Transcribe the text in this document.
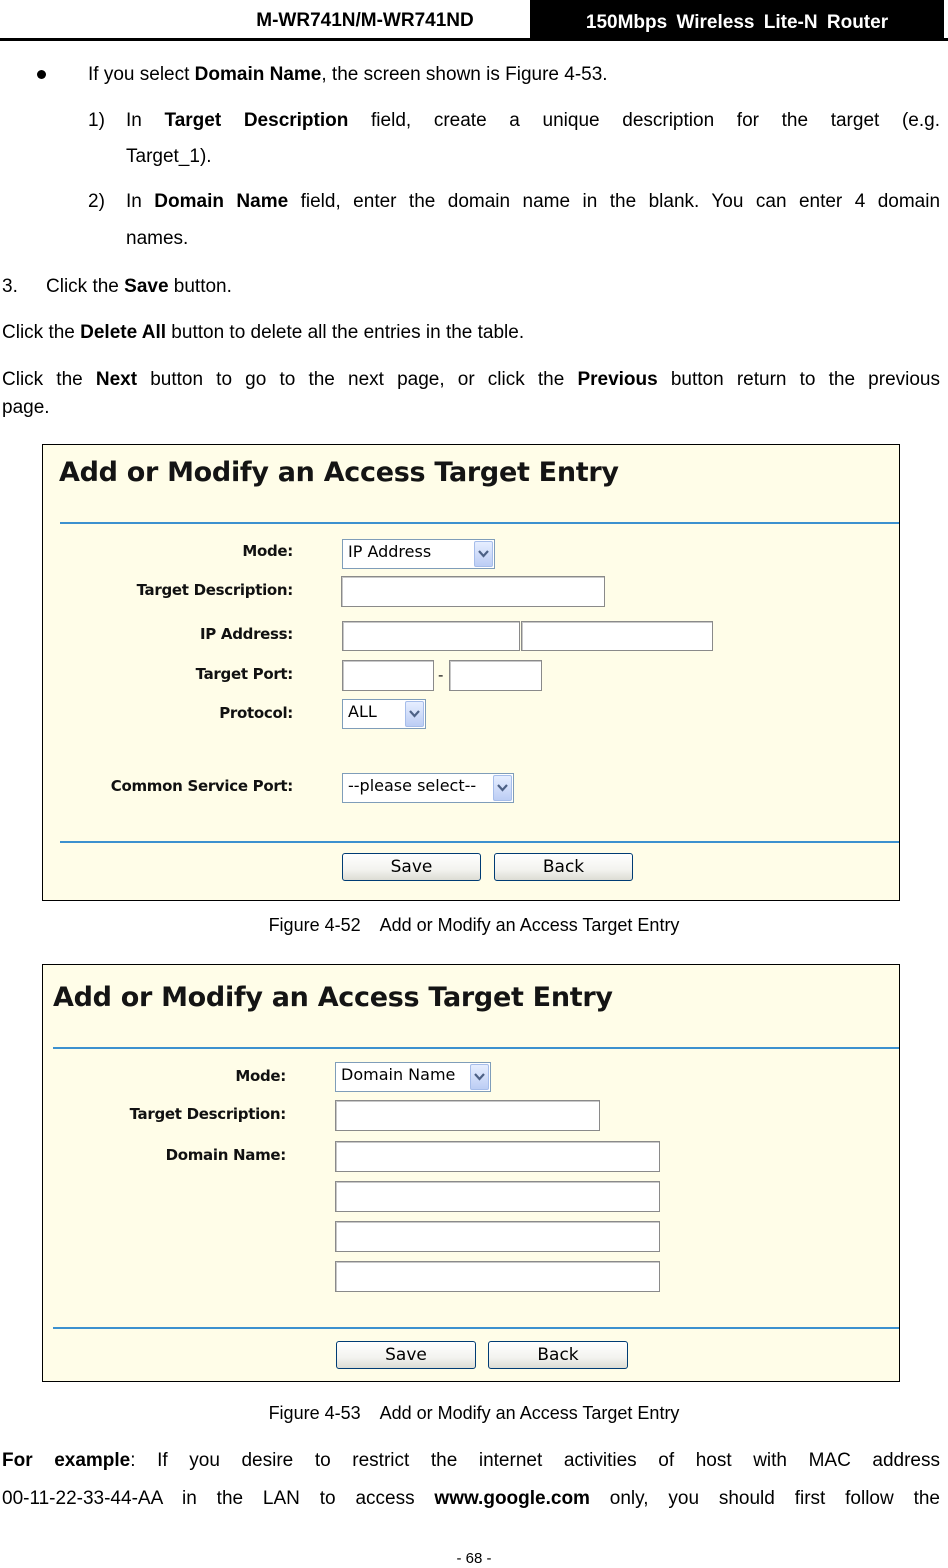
M-WR741N/M-WR741ND	150Mbps Wireless Lite-N Router
If you select Domain Name, the screen shown is Figure 4-53.
1) In Target Description field, create a unique description for the target (e.g.
Target_1).
2) In Domain Name field, enter the domain name in the blank. You can enter 4 domain
names.
3. Click the Save button.
Click the Delete All button to delete all the entries in the table.
Click the Next button to go to the next page, or click the Previous button return to the previous
page.
Add or Modify an Access Target Entry
Mode:	IP Address
Target Description:
IP Address:
Target Port:	-
Protocol:	ALL
Common Service Port:	--please select--
Save	Back
Figure 4-52    Add or Modify an Access Target Entry
Add or Modify an Access Target Entry
Mode:	Domain Name
Target Description:
Domain Name:
Save	Back
Figure 4-53    Add or Modify an Access Target Entry
For example: If you desire to restrict the internet activities of host with MAC address
00-11-22-33-44-AA in the LAN to access www.google.com only, you should first follow the
- 68 -
